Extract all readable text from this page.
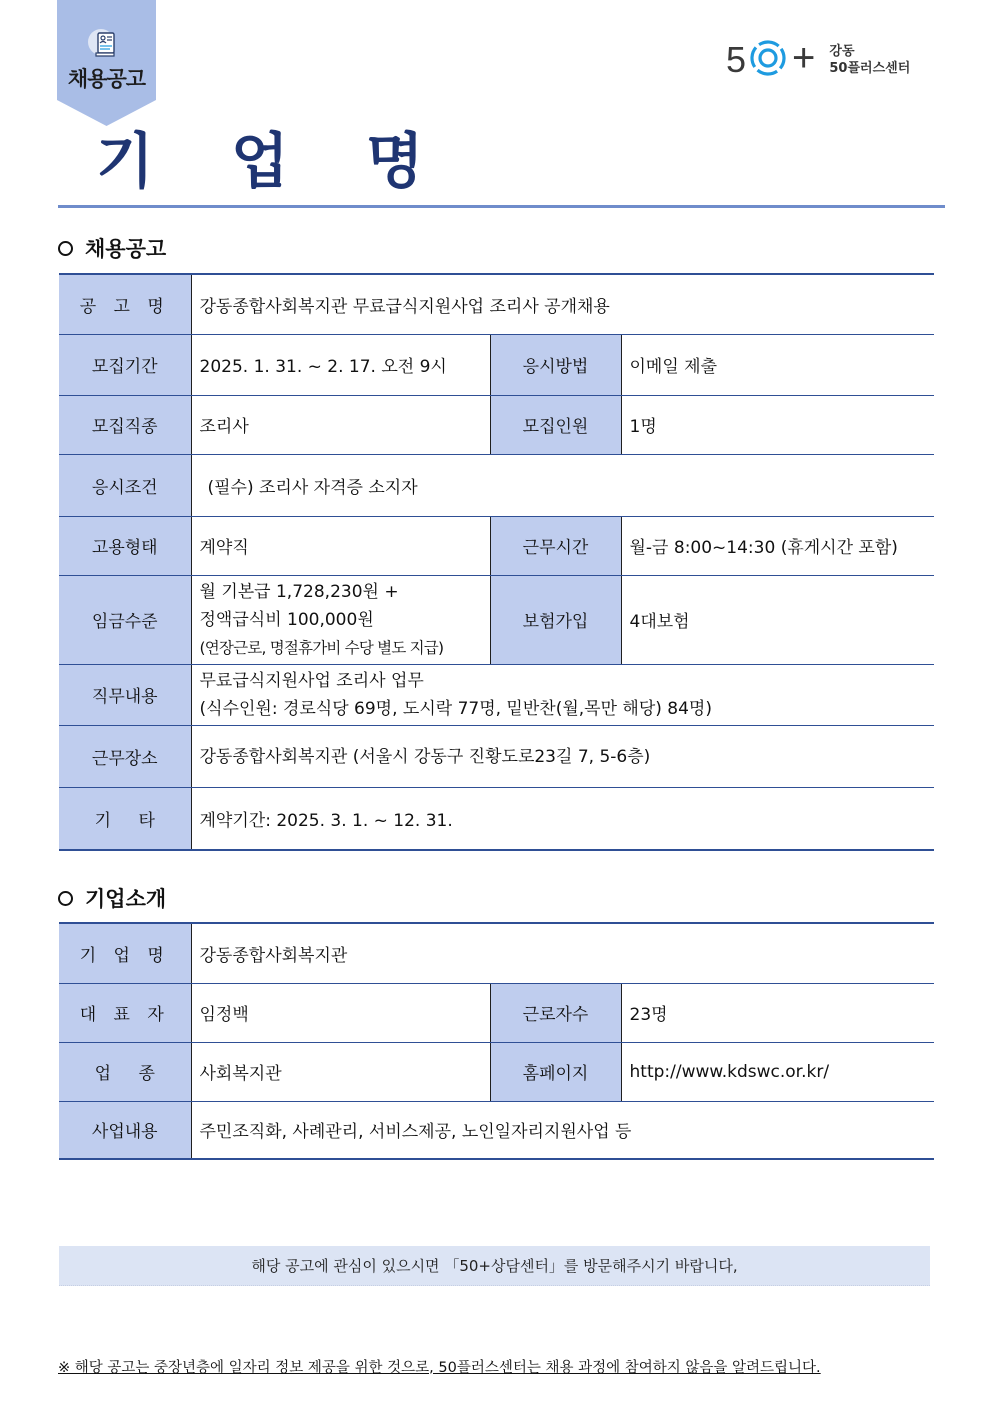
채용공고	5 + 강동
50플러스센터
기 업 명
채용공고
공 고 명	강동종합사회복지관 무료급식지원사업 조리사 공개채용		
모집기간	2025. 1. 31. ~ 2. 17. 오전 9시	응시방법	이메일 제출
모집직종	조리사	모집인원	1명
응시조건	(필수) 조리사 자격증 소지자		
고용형태	계약직	근무시간	월-금 8:00~14:30 (휴게시간 포함)
임금수준	월 기본급 1,728,230원 +
정액급식비 100,000원
(연장근로, 명절휴가비 수당 별도 지급)	보험가입	4대보험
직무내용	무료급식지원사업 조리사 업무
(식수인원: 경로식당 69명, 도시락 77명, 밑반찬(월,목만 해당) 84명)		

근무장소	강동종합사회복지관 (서울시 강동구 진황도로23길 7, 5-6층)		
기 타	계약기간: 2025. 3. 1. ~ 12. 31.		
기업소개
기 업 명	강동종합사회복지관		
대 표 자	임정백	근로자수	23명
업 종	사회복지관	홈페이지	http://www.kdswc.or.kr/
사업내용	주민조직화, 사례관리, 서비스제공, 노인일자리지원사업 등		
해당 공고에 관심이 있으시면 「50+상담센터」를 방문해주시기 바랍니다,
※ 해당 공고는 중장년층에 일자리 정보 제공을 위한 것으로, 50플러스센터는 채용 과정에 참여하지 않음을 알려드립니다.
